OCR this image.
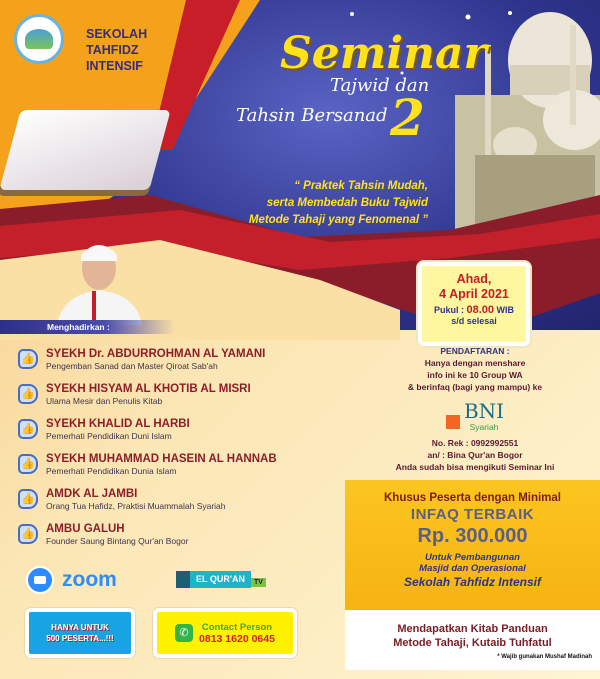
SEKOLAH
TAHFIDZ
INTENSIF	Seminar
Tajwid dan
Tahsin Bersanad 2
“ Praktek Tahsin Mudah,
serta Membedah Buku Tajwid
Metode Tahaji yang Fenomenal ”
Ahad,
4 April 2021
Pukul : 08.00 WIB
s/d selesai
Menghadirkan :
👍 SYEKH Dr. ABDURROHMAN AL YAMANI
Pengemban Sanad dan Master Qiroat Sab'ah
👍 SYEKH HISYAM AL KHOTIB AL MISRI
Ulama Mesir dan Penulis Kitab
👍 SYEKH KHALID AL HARBI
Pemerhati Pendidikan Duni Islam
👍 SYEKH MUHAMMAD HASEIN AL HANNAB
Pemerhati Pendidikan Dunia Islam
👍 AMDK AL JAMBI
Orang Tua Hafidz, Praktisi Muammalah Syariah
👍 AMBU GALUH
Founder Saung Bintang Qur'an Bogor
PENDAFTARAN :
Hanya dengan menshare
info ini ke 10 Group WA
& berinfaq (bagi yang mampu) ke
BNI
Syariah
No. Rek : 0992992551
an/ : Bina Qur'an Bogor
Anda sudah bisa mengikuti Seminar Ini
Khusus Peserta dengan Minimal
INFAQ TERBAIK
Rp. 300.000
Untuk Pembangunan
Masjid dan Operasional
Sekolah Tahfidz Intensif
Mendapatkan Kitab Panduan
Metode Tahaji, Kutaib Tuhfatul
* Wajib gunakan Mushaf Madinah
zoom	EL QUR'AN	TV
HANYA UNTUK
500 PESERTA...!!!	✆	Contact Person
0813 1620 0645
